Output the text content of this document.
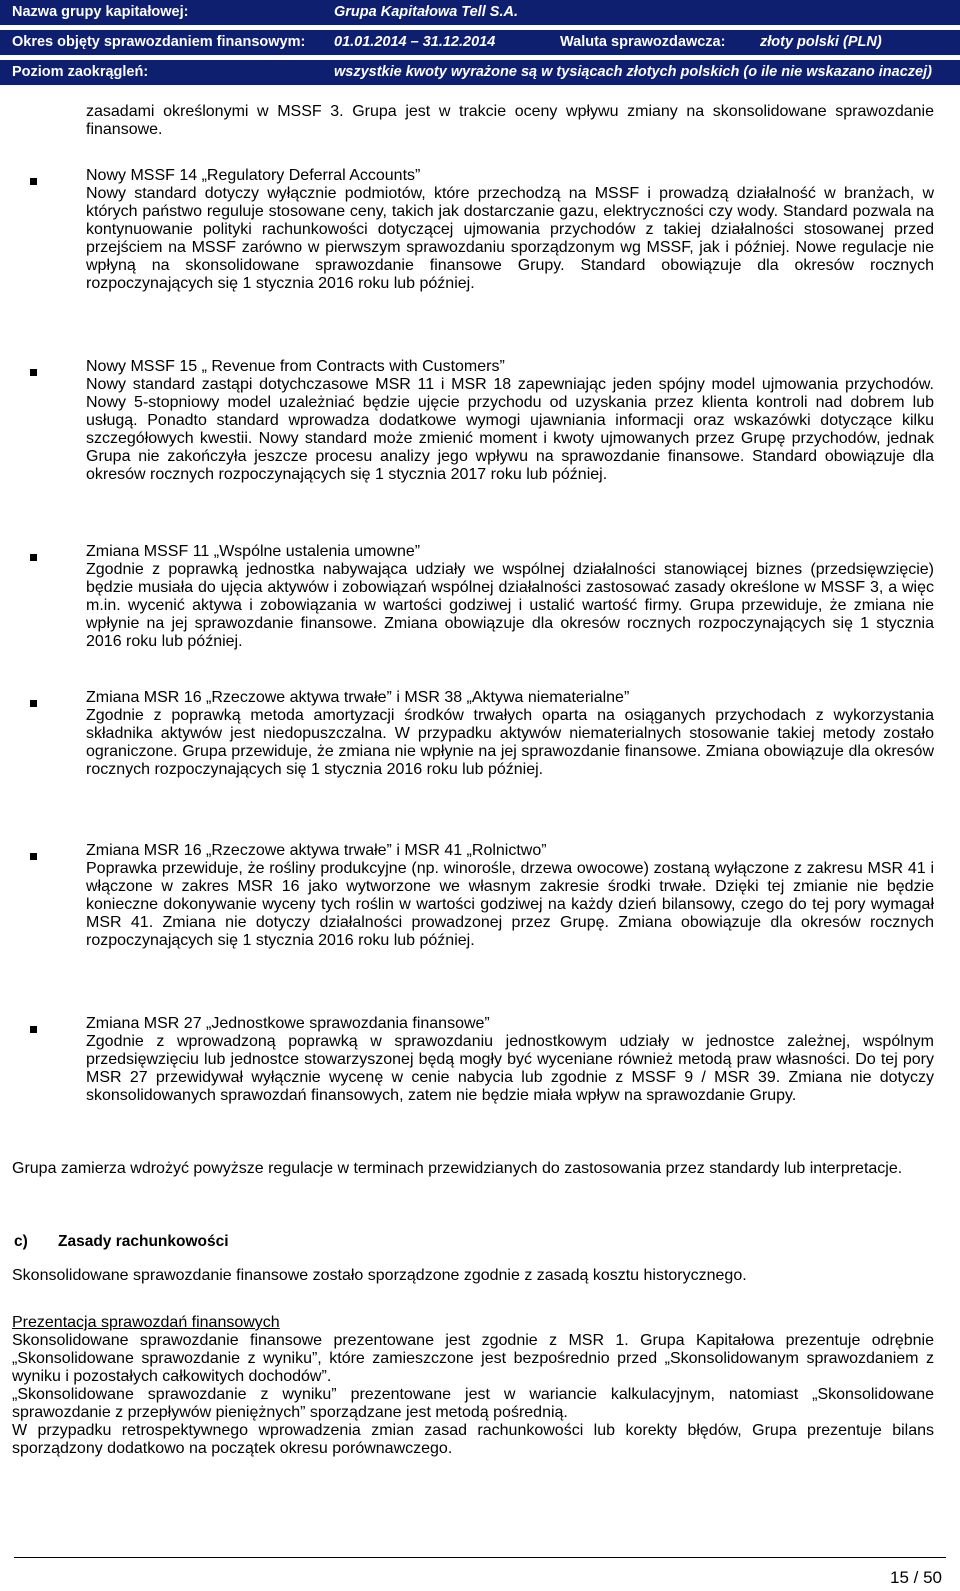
Nazwa grupy kapitałowej:	Grupa Kapitałowa Tell S.A.
Okres objęty sprawozdaniem finansowym: 01.01.2014 – 31.12.2014	Waluta sprawozdawcza: złoty polski (PLN)
Poziom zaokrągleń:	wszystkie kwoty wyrażone są w tysiącach złotych polskich (o ile nie wskazano inaczej)

zasadami określonymi w MSSF 3. Grupa jest w trakcie oceny wpływu zmiany na skonsolidowane sprawozdanie finansowe.

Nowy MSSF 14 „Regulatory Deferral Accounts”

Nowy standard dotyczy wyłącznie podmiotów, które przechodzą na MSSF i prowadzą działalność w branżach, w których państwo reguluje stosowane ceny, takich jak dostarczanie gazu, elektryczności czy wody. Standard pozwala na kontynuowanie polityki rachunkowości dotyczącej ujmowania przychodów z takiej działalności stosowanej przed przejściem na MSSF zarówno w pierwszym sprawozdaniu sporządzonym wg MSSF, jak i później. Nowe regulacje nie wpłyną na skonsolidowane sprawozdanie finansowe Grupy. Standard obowiązuje dla okresów rocznych rozpoczynających się 1 stycznia 2016 roku lub później.

Nowy MSSF 15 „ Revenue from Contracts with Customers”

Nowy standard zastąpi dotychczasowe MSR 11 i MSR 18 zapewniając jeden spójny model ujmowania przychodów. Nowy 5-stopniowy model uzależniać będzie ujęcie przychodu od uzyskania przez klienta kontroli nad dobrem lub usługą. Ponadto standard wprowadza dodatkowe wymogi ujawniania informacji oraz wskazówki dotyczące kilku szczegółowych kwestii. Nowy standard może zmienić moment i kwoty ujmowanych przez Grupę przychodów, jednak Grupa nie zakończyła jeszcze procesu analizy jego wpływu na sprawozdanie finansowe. Standard obowiązuje dla okresów rocznych rozpoczynających się 1 stycznia 2017 roku lub później.

Zmiana MSSF 11 „Wspólne ustalenia umowne”

Zgodnie z poprawką jednostka nabywająca udziały we wspólnej działalności stanowiącej biznes (przedsięwzięcie) będzie musiała do ujęcia aktywów i zobowiązań wspólnej działalności zastosować zasady określone w MSSF 3, a więc m.in. wycenić aktywa i zobowiązania w wartości godziwej i ustalić wartość firmy. Grupa przewiduje, że zmiana nie wpłynie na jej sprawozdanie finansowe. Zmiana obowiązuje dla okresów rocznych rozpoczynających się 1 stycznia 2016 roku lub później.

Zmiana MSR 16 „Rzeczowe aktywa trwałe” i MSR 38 „Aktywa niematerialne”

Zgodnie z poprawką metoda amortyzacji środków trwałych oparta na osiąganych przychodach z wykorzystania składnika aktywów jest niedopuszczalna. W przypadku aktywów niematerialnych stosowanie takiej metody zostało ograniczone. Grupa przewiduje, że zmiana nie wpłynie na jej sprawozdanie finansowe. Zmiana obowiązuje dla okresów rocznych rozpoczynających się 1 stycznia 2016 roku lub później.

Zmiana MSR 16 „Rzeczowe aktywa trwałe” i MSR 41 „Rolnictwo”

Poprawka przewiduje, że rośliny produkcyjne (np. winorośle, drzewa owocowe) zostaną wyłączone z zakresu MSR 41 i włączone w zakres MSR 16 jako wytworzone we własnym zakresie środki trwałe. Dzięki tej zmianie nie będzie konieczne dokonywanie wyceny tych roślin w wartości godziwej na każdy dzień bilansowy, czego do tej pory wymagał MSR 41. Zmiana nie dotyczy działalności prowadzonej przez Grupę. Zmiana obowiązuje dla okresów rocznych rozpoczynających się 1 stycznia 2016 roku lub później.

Zmiana MSR 27 „Jednostkowe sprawozdania finansowe”

Zgodnie z wprowadzoną poprawką w sprawozdaniu jednostkowym udziały w jednostce zależnej, wspólnym przedsięwzięciu lub jednostce stowarzyszonej będą mogły być wyceniane również metodą praw własności. Do tej pory MSR 27 przewidywał wyłącznie wycenę w cenie nabycia lub zgodnie z MSSF 9 / MSR 39. Zmiana nie dotyczy skonsolidowanych sprawozdań finansowych, zatem nie będzie miała wpływ na sprawozdanie Grupy.

Grupa zamierza wdrożyć powyższe regulacje w terminach przewidzianych do zastosowania przez standardy lub interpretacje.

c) Zasady rachunkowości

Skonsolidowane sprawozdanie finansowe zostało sporządzone zgodnie z zasadą kosztu historycznego.

Prezentacja sprawozdań finansowych

Skonsolidowane sprawozdanie finansowe prezentowane jest zgodnie z MSR 1. Grupa Kapitałowa prezentuje odrębnie „Skonsolidowane sprawozdanie z wyniku”, które zamieszczone jest bezpośrednio przed „Skonsolidowanym sprawozdaniem z wyniku i pozostałych całkowitych dochodów”.

„Skonsolidowane sprawozdanie z wyniku” prezentowane jest w wariancie kalkulacyjnym, natomiast „Skonsolidowane sprawozdanie z przepływów pieniężnych” sporządzane jest metodą pośrednią.

W przypadku retrospektywnego wprowadzenia zmian zasad rachunkowości lub korekty błędów, Grupa prezentuje bilans sporządzony dodatkowo na początek okresu porównawczego.

15 / 50
